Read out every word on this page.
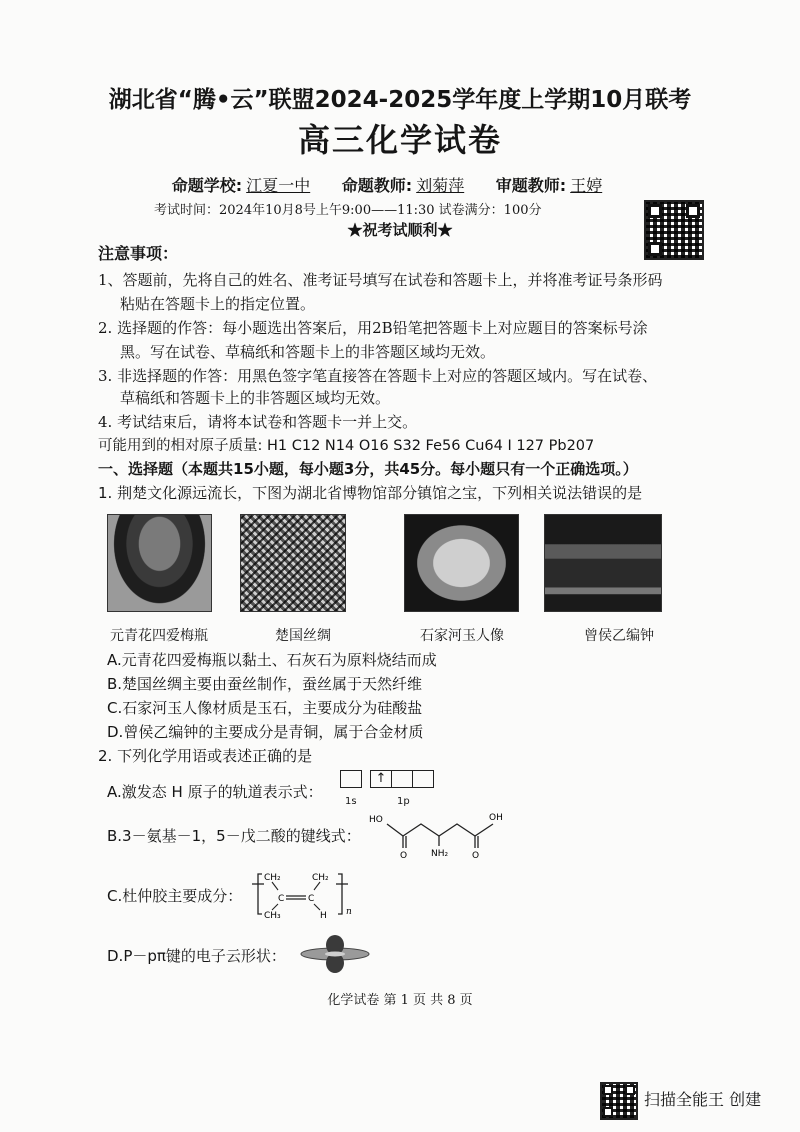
湖北省“腾•云”联盟2024-2025学年度上学期10月联考
高三化学试卷
命题学校: 江夏一中 命题教师: 刘菊萍 审题教师: 王婷
考试时间：2024年10月8号上午9:00——11:30 试卷满分：100分
★祝考试顺利★
注意事项：
1、答题前，先将自己的姓名、准考证号填写在试卷和答题卡上，并将准考证号条形码
粘贴在答题卡上的指定位置。
2. 选择题的作答：每小题选出答案后，用2B铅笔把答题卡上对应题目的答案标号涂
黑。写在试卷、草稿纸和答题卡上的非答题区域均无效。
3. 非选择题的作答：用黑色签字笔直接答在答题卡上对应的答题区域内。写在试卷、
草稿纸和答题卡上的非答题区域均无效。
4. 考试结束后，请将本试卷和答题卡一并上交。
可能用到的相对原子质量: H1 C12 N14 O16 S32 Fe56 Cu64 I 127 Pb207
一、选择题（本题共15小题，每小题3分，共45分。每小题只有一个正确选项。）
1. 荆楚文化源远流长，下图为湖北省博物馆部分镇馆之宝，下列相关说法错误的是
元青花四爱梅瓶	楚国丝绸	石家河玉人像	曾侯乙编钟
A.元青花四爱梅瓶以黏土、石灰石为原料烧结而成
B.楚国丝绸主要由蚕丝制作，蚕丝属于天然纤维
C.石家河玉人像材质是玉石，主要成分为硅酸盐
D.曾侯乙编钟的主要成分是青铜，属于合金材质
2. 下列化学用语或表述正确的是
A.激发态 H 原子的轨道表示式：
↑
1s	1p
B.3－氨基－1，5－戊二酸的键线式：
HO	OH
O	NH₂	O
C.杜仲胶主要成分：
CH₂	CH₂
CH₃
C	C
H n
D.P－pπ键的电子云形状：
化学试卷 第 1 页 共 8 页
扫描全能王 创建
